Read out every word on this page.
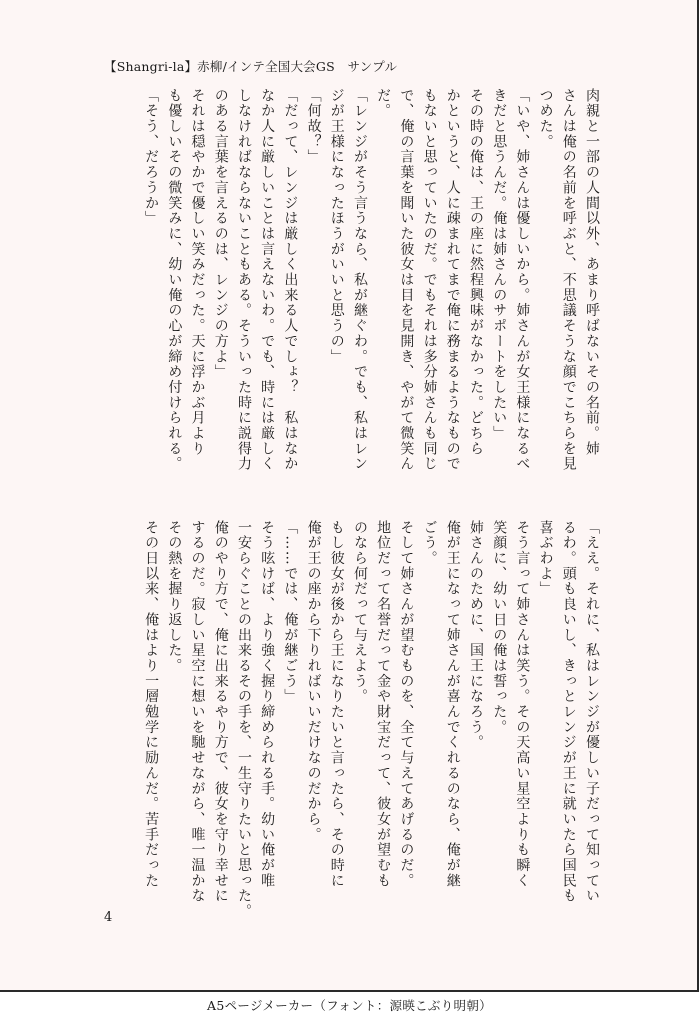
【Shangri-la】赤柳/インテ全国大会GS　サンプル

肉親と一部の人間以外、あまり呼ばないその名前。姉

さんは俺の名前を呼ぶと、不思議そうな顔でこちらを見

つめた。

「いや、姉さんは優しいから。姉さんが女王様になるべ

きだと思うんだ。俺は姉さんのサポートをしたい」

その時の俺は、王の座に然程興味がなかった。どちら

かというと、人に疎まれてまで俺に務まるようなもので

もないと思っていたのだ。でもそれは多分姉さんも同じ

で、俺の言葉を聞いた彼女は目を見開き、やがて微笑ん

だ。

「レンジがそう言うなら、私が継ぐわ。でも、私はレン

ジが王様になったほうがいいと思うの」

「何故？」

「だって、レンジは厳しく出来る人でしょ？　私はなか

なか人に厳しいことは言えないわ。でも、時には厳しく

しなければならないこともある。そういった時に説得力

のある言葉を言えるのは、レンジの方よ」

それは穏やかで優しい笑みだった。天に浮かぶ月より

も優しいその微笑みに、幼い俺の心が締め付けられる。

「そう、だろうか」

「ええ。それに、私はレンジが優しい子だって知ってい

るわ。頭も良いし、きっとレンジが王に就いたら国民も

喜ぶわよ」

そう言って姉さんは笑う。その天高い星空よりも瞬く

笑顔に、幼い日の俺は誓った。

姉さんのために、国王になろう。

俺が王になって姉さんが喜んでくれるのなら、俺が継

ごう。

そして姉さんが望むものを、全て与えてあげるのだ。

地位だって名誉だって金や財宝だって、彼女が望むも

のなら何だって与えよう。

もし彼女が後から王になりたいと言ったら、その時に

俺が王の座から下りればいいだけなのだから。

「……では、俺が継ごう」

そう呟けば、より強く握り締められる手。幼い俺が唯

一安らぐことの出来るその手を、一生守りたいと思った。

俺のやり方で、俺に出来るやり方で、彼女を守り幸せに

するのだ。寂しい星空に想いを馳せながら、唯一温かな

その熱を握り返した。

その日以来、俺はより一層勉学に励んだ。苦手だった

4
A5ページメーカー（フォント：源暎こぶり明朝）
